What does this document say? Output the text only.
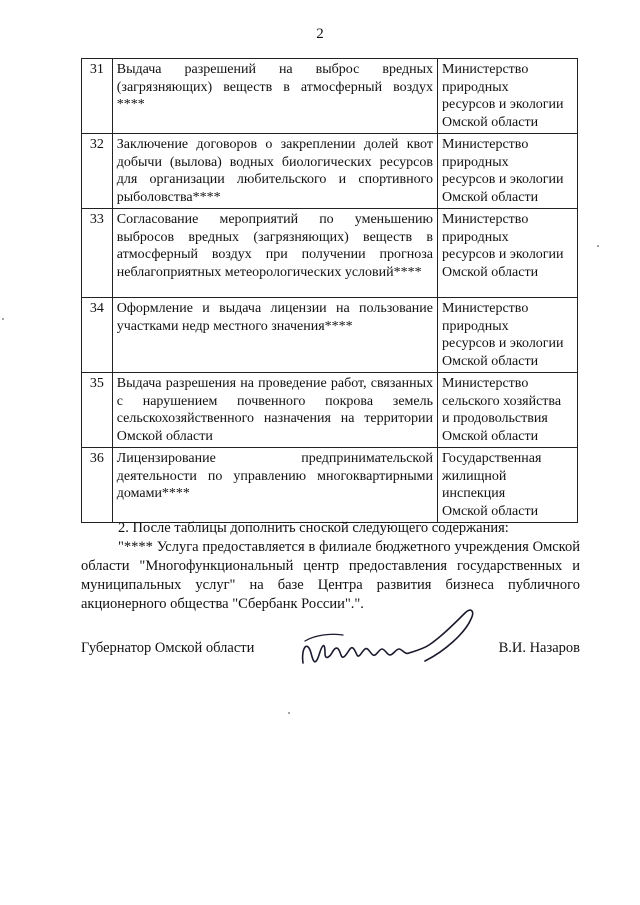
2
31	Выдача разрешений на выброс вредных (загрязняющих) веществ в атмосферный воздух ****	Министерство
природных
ресурсов и экологии
Омской области

32	Заключение договоров о закреплении долей квот добычи (вылова) водных биологических ресурсов для организации любительского и спортивного рыболовства****	Министерство
природных
ресурсов и экологии
Омской области

33	Согласование мероприятий по уменьшению выбросов вредных (загрязняющих) веществ в атмосферный воздух при получении прогноза неблагоприятных метеорологических условий****	Министерство
природных
ресурсов и экологии
Омской области

34	Оформление и выдача лицензии на пользование участками недр местного значения****	Министерство
природных
ресурсов и экологии
Омской области

35	Выдача разрешения на проведение работ, связанных с нарушением почвенного покрова земель сельскохозяйственного назначения на территории Омской области	Министерство
сельского хозяйства
и продовольствия
Омской области

36	Лицензирование предпринимательской деятельности по управлению многоквартирными домами****	Государственная
жилищной
инспекция
Омской области
2. После таблицы дополнить сноской следующего содержания:
"**** Услуга предоставляется в филиале бюджетного учреждения Омской области "Многофункциональный центр предоставления государственных и муниципальных услуг" на базе Центра развития бизнеса публичного акционерного общества "Сбербанк России".".
Губернатор Омской области	В.И. Назаров
